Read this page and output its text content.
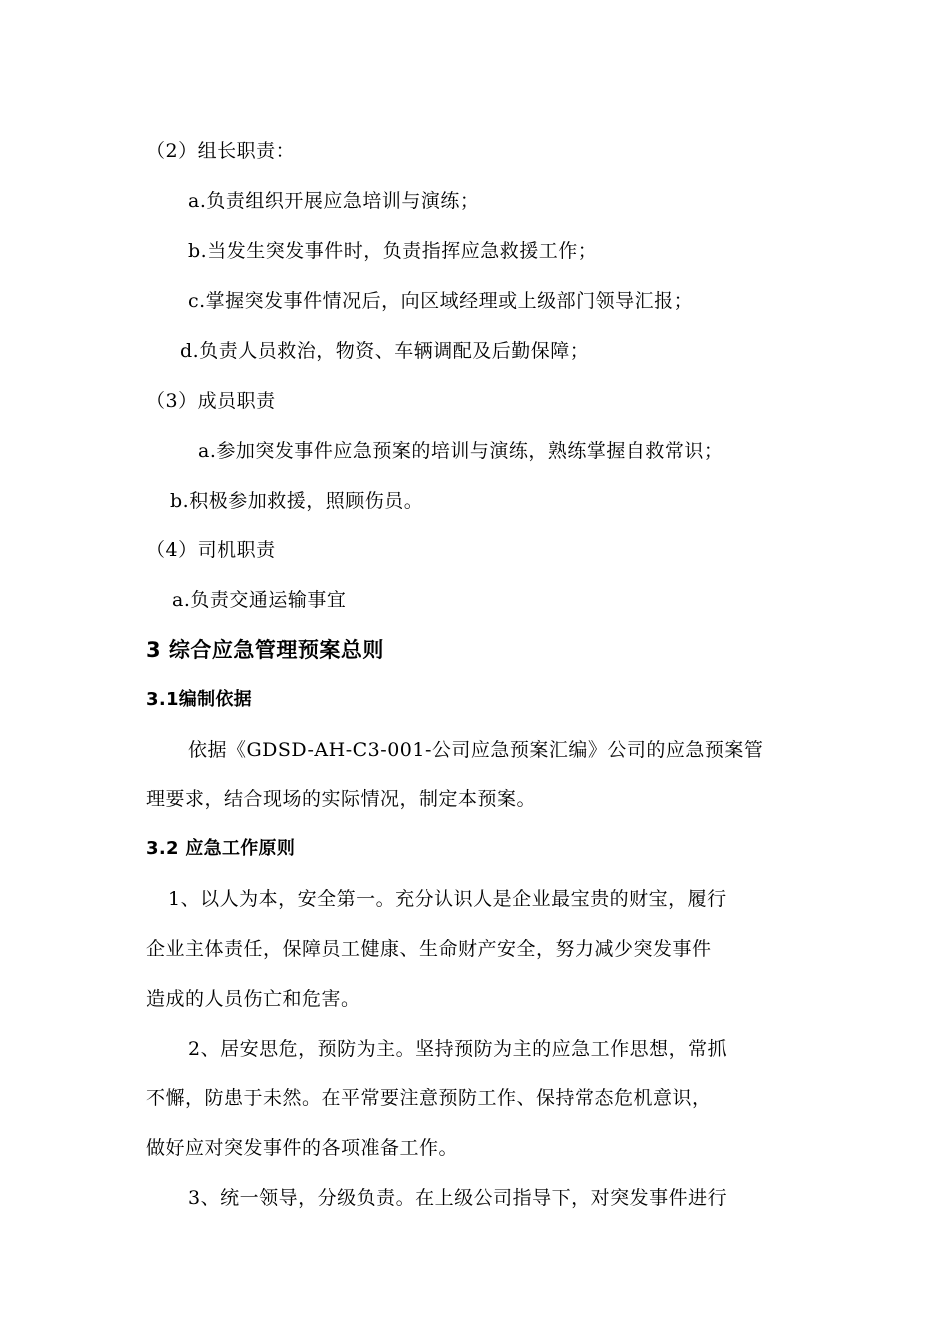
（2）组长职责：
a.负责组织开展应急培训与演练；
b.当发生突发事件时，负责指挥应急救援工作；
c.掌握突发事件情况后，向区域经理或上级部门领导汇报；
d.负责人员救治，物资、车辆调配及后勤保障；
（3）成员职责
a.参加突发事件应急预案的培训与演练，熟练掌握自救常识；
b.积极参加救援，照顾伤员。
（4）司机职责
a.负责交通运输事宜
3 综合应急管理预案总则
3.1编制依据
依据《GDSD-AH-C3-001-公司应急预案汇编》公司的应急预案管
理要求，结合现场的实际情况，制定本预案。
3.2 应急工作原则
1、以人为本，安全第一。充分认识人是企业最宝贵的财宝，履行
企业主体责任，保障员工健康、生命财产安全，努力减少突发事件
造成的人员伤亡和危害。
2、居安思危，预防为主。坚持预防为主的应急工作思想，常抓
不懈，防患于未然。在平常要注意预防工作、保持常态危机意识，
做好应对突发事件的各项准备工作。
3、统一领导，分级负责。在上级公司指导下，对突发事件进行
